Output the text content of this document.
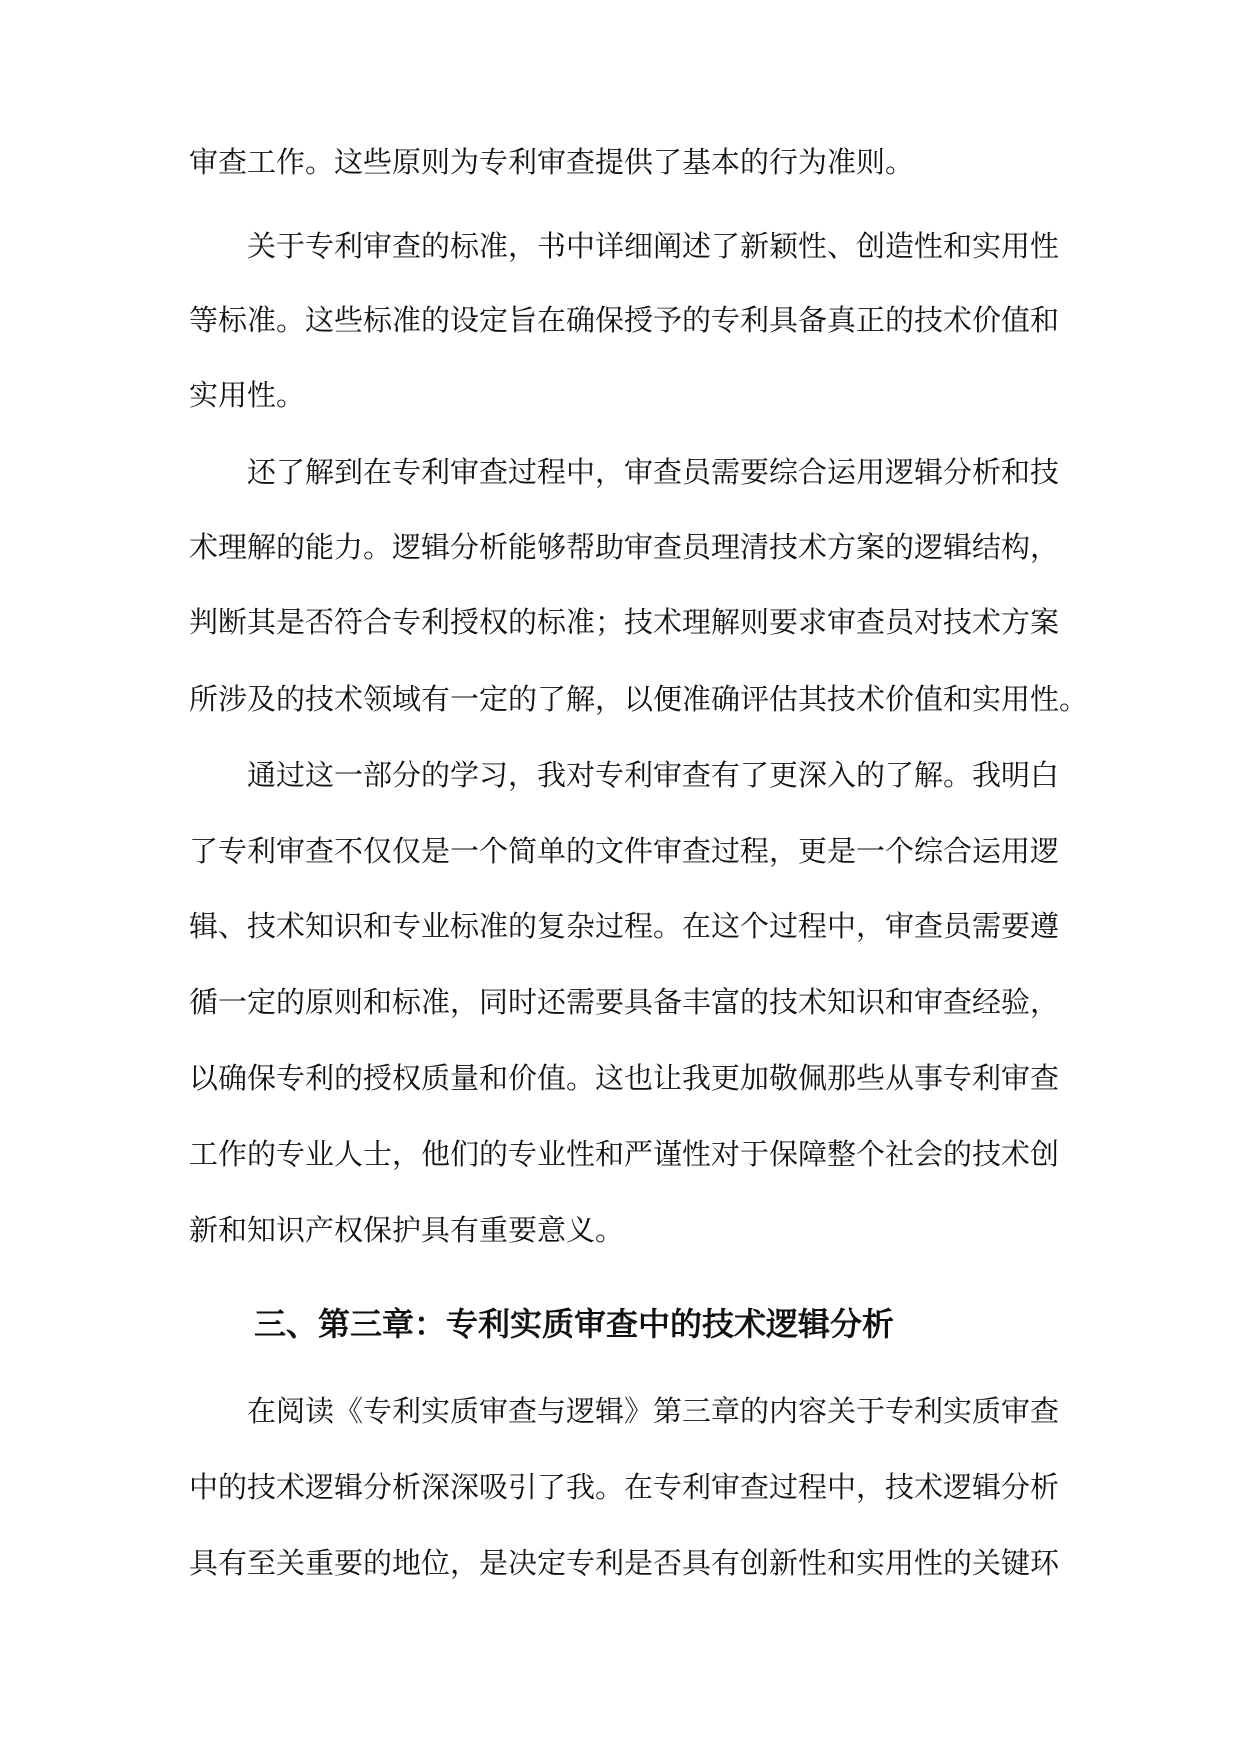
审查工作。这些原则为专利审查提供了基本的行为准则。
关于专利审查的标准，书中详细阐述了新颖性、创造性和实用性
等标准。这些标准的设定旨在确保授予的专利具备真正的技术价值和
实用性。
还了解到在专利审查过程中，审查员需要综合运用逻辑分析和技
术理解的能力。逻辑分析能够帮助审查员理清技术方案的逻辑结构，
判断其是否符合专利授权的标准；技术理解则要求审查员对技术方案
所涉及的技术领域有一定的了解，以便准确评估其技术价值和实用性。
通过这一部分的学习，我对专利审查有了更深入的了解。我明白
了专利审查不仅仅是一个简单的文件审查过程，更是一个综合运用逻
辑、技术知识和专业标准的复杂过程。在这个过程中，审查员需要遵
循一定的原则和标准，同时还需要具备丰富的技术知识和审查经验，
以确保专利的授权质量和价值。这也让我更加敬佩那些从事专利审查
工作的专业人士，他们的专业性和严谨性对于保障整个社会的技术创
新和知识产权保护具有重要意义。
三、第三章：专利实质审查中的技术逻辑分析
在阅读《专利实质审查与逻辑》第三章的内容关于专利实质审查
中的技术逻辑分析深深吸引了我。在专利审查过程中，技术逻辑分析
具有至关重要的地位，是决定专利是否具有创新性和实用性的关键环
